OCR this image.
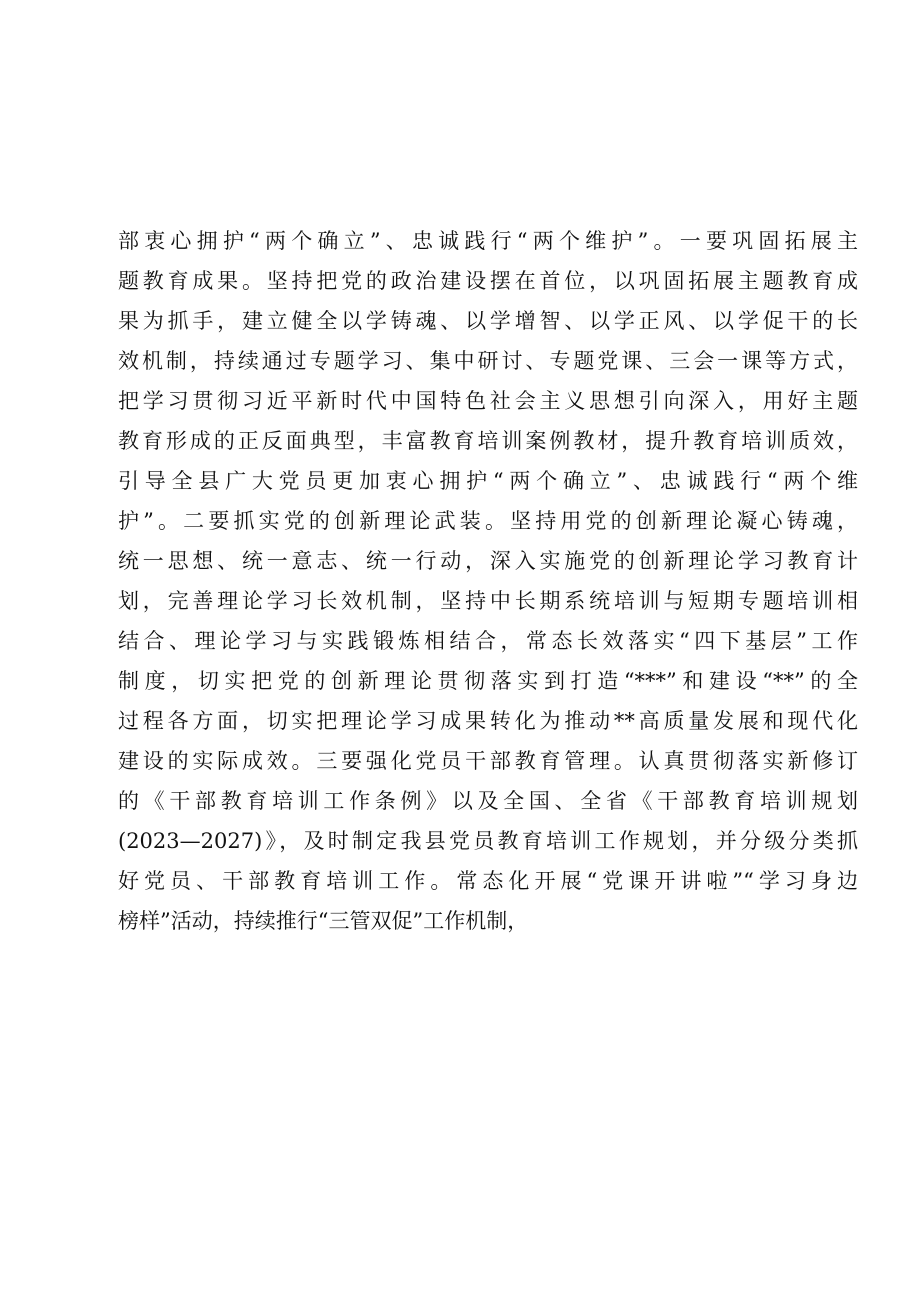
部衷心拥护“两个确立”、忠诚践行“两个维护”。一要巩固拓展主
题教育成果。坚持把党的政治建设摆在首位，以巩固拓展主题教育成
果为抓手，建立健全以学铸魂、以学增智、以学正风、以学促干的长
效机制，持续通过专题学习、集中研讨、专题党课、三会一课等方式，
把学习贯彻习近平新时代中国特色社会主义思想引向深入，用好主题
教育形成的正反面典型，丰富教育培训案例教材，提升教育培训质效，
引导全县广大党员更加衷心拥护“两个确立”、忠诚践行“两个维
护”。二要抓实党的创新理论武装。坚持用党的创新理论凝心铸魂，
统一思想、统一意志、统一行动，深入实施党的创新理论学习教育计
划，完善理论学习长效机制，坚持中长期系统培训与短期专题培训相
结合、理论学习与实践锻炼相结合，常态长效落实“四下基层”工作
制度，切实把党的创新理论贯彻落实到打造“***”和建设“**”的全
过程各方面，切实把理论学习成果转化为推动**高质量发展和现代化
建设的实际成效。三要强化党员干部教育管理。认真贯彻落实新修订
的《干部教育培训工作条例》以及全国、全省《干部教育培训规划
(2023—2027)》，及时制定我县党员教育培训工作规划，并分级分类抓
好党员、干部教育培训工作。常态化开展“党课开讲啦”“学习身边
榜样”活动，持续推行“三管双促”工作机制，
